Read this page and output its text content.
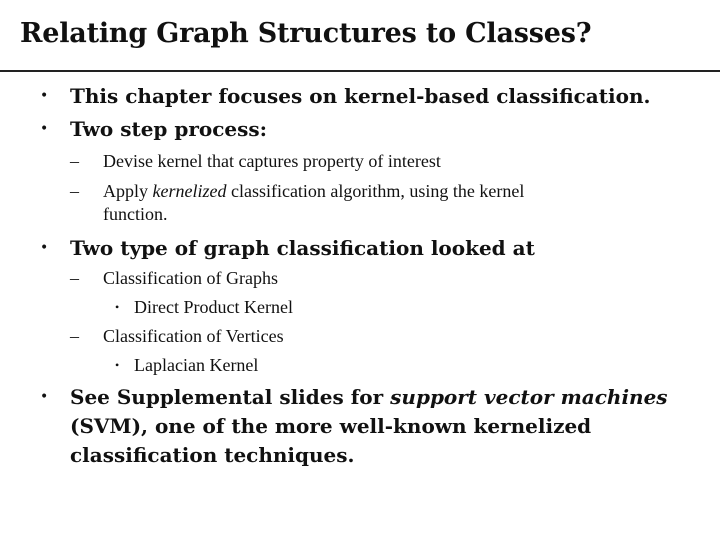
Relating Graph Structures to Classes?
• This chapter focuses on kernel-based classification.
• Two step process:
– Devise kernel that captures property of interest
– Apply kernelized classification algorithm, using the kernel
function.
• Two type of graph classification looked at
– Classification of Graphs
• Direct Product Kernel
– Classification of Vertices
• Laplacian Kernel
• See Supplemental slides for support vector machines
(SVM), one of the more well-known kernelized
classification techniques.
